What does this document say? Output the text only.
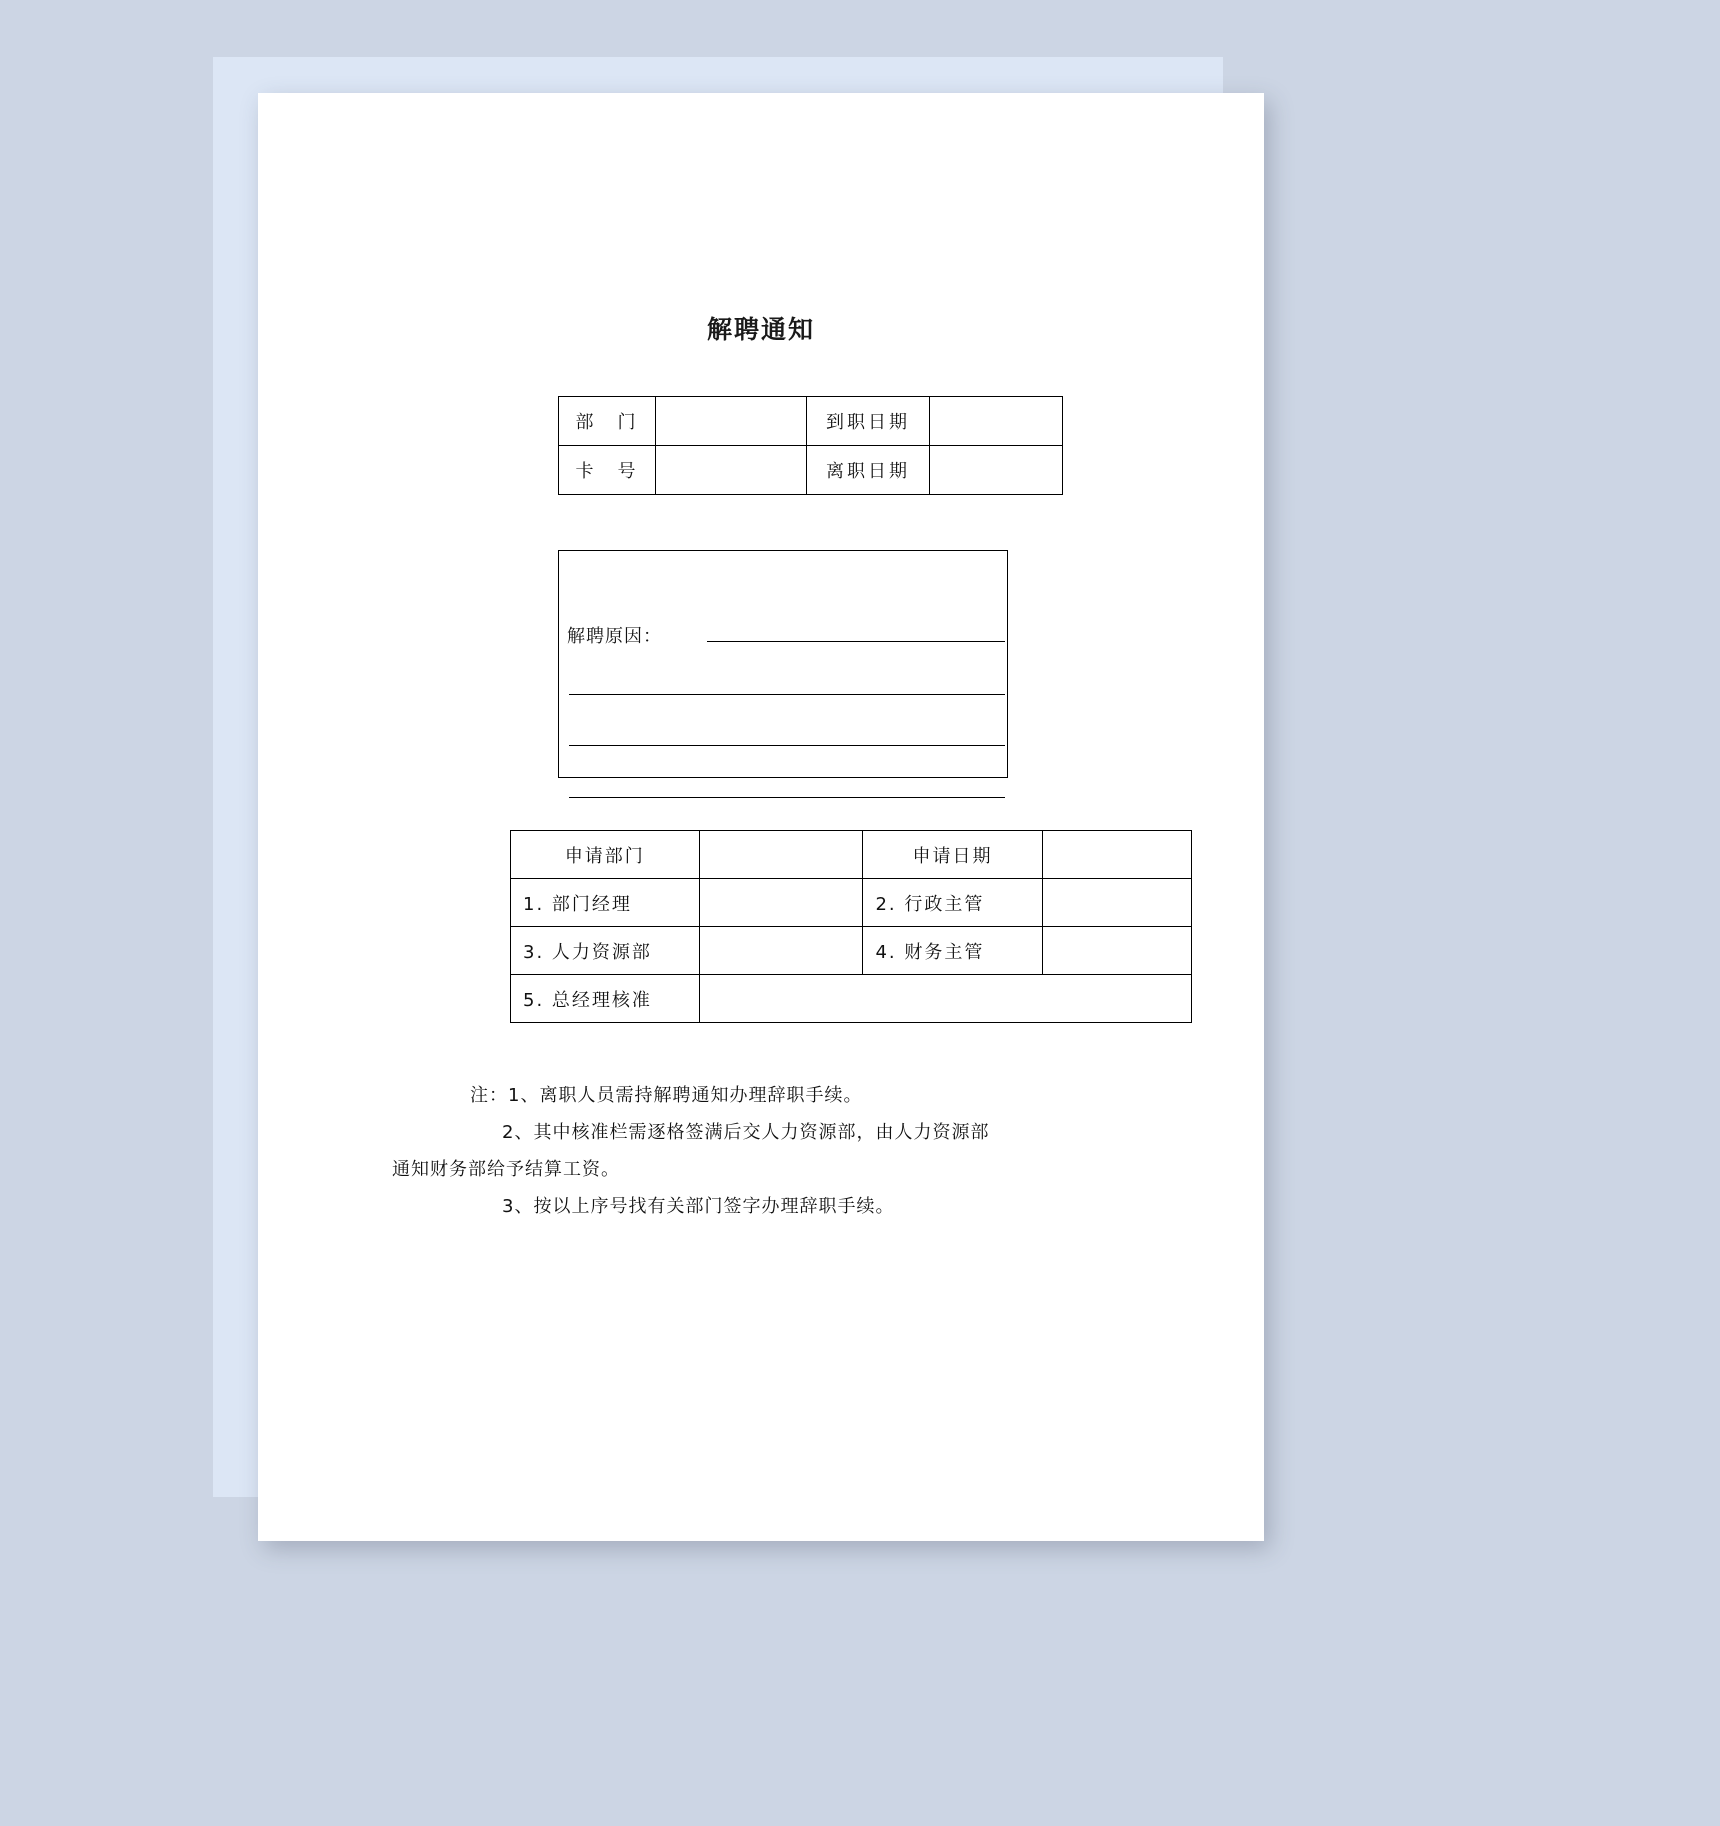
解聘通知
部　门		到职日期	
卡　号		离职日期	
解聘原因：
申请部门		申请日期	
1. 部门经理		2. 行政主管	
3. 人力资源部		4. 财务主管	
5. 总经理核准			
注：1、离职人员需持解聘通知办理辞职手续。
2、其中核准栏需逐格签满后交人力资源部，由人力资源部
通知财务部给予结算工资。
3、按以上序号找有关部门签字办理辞职手续。
